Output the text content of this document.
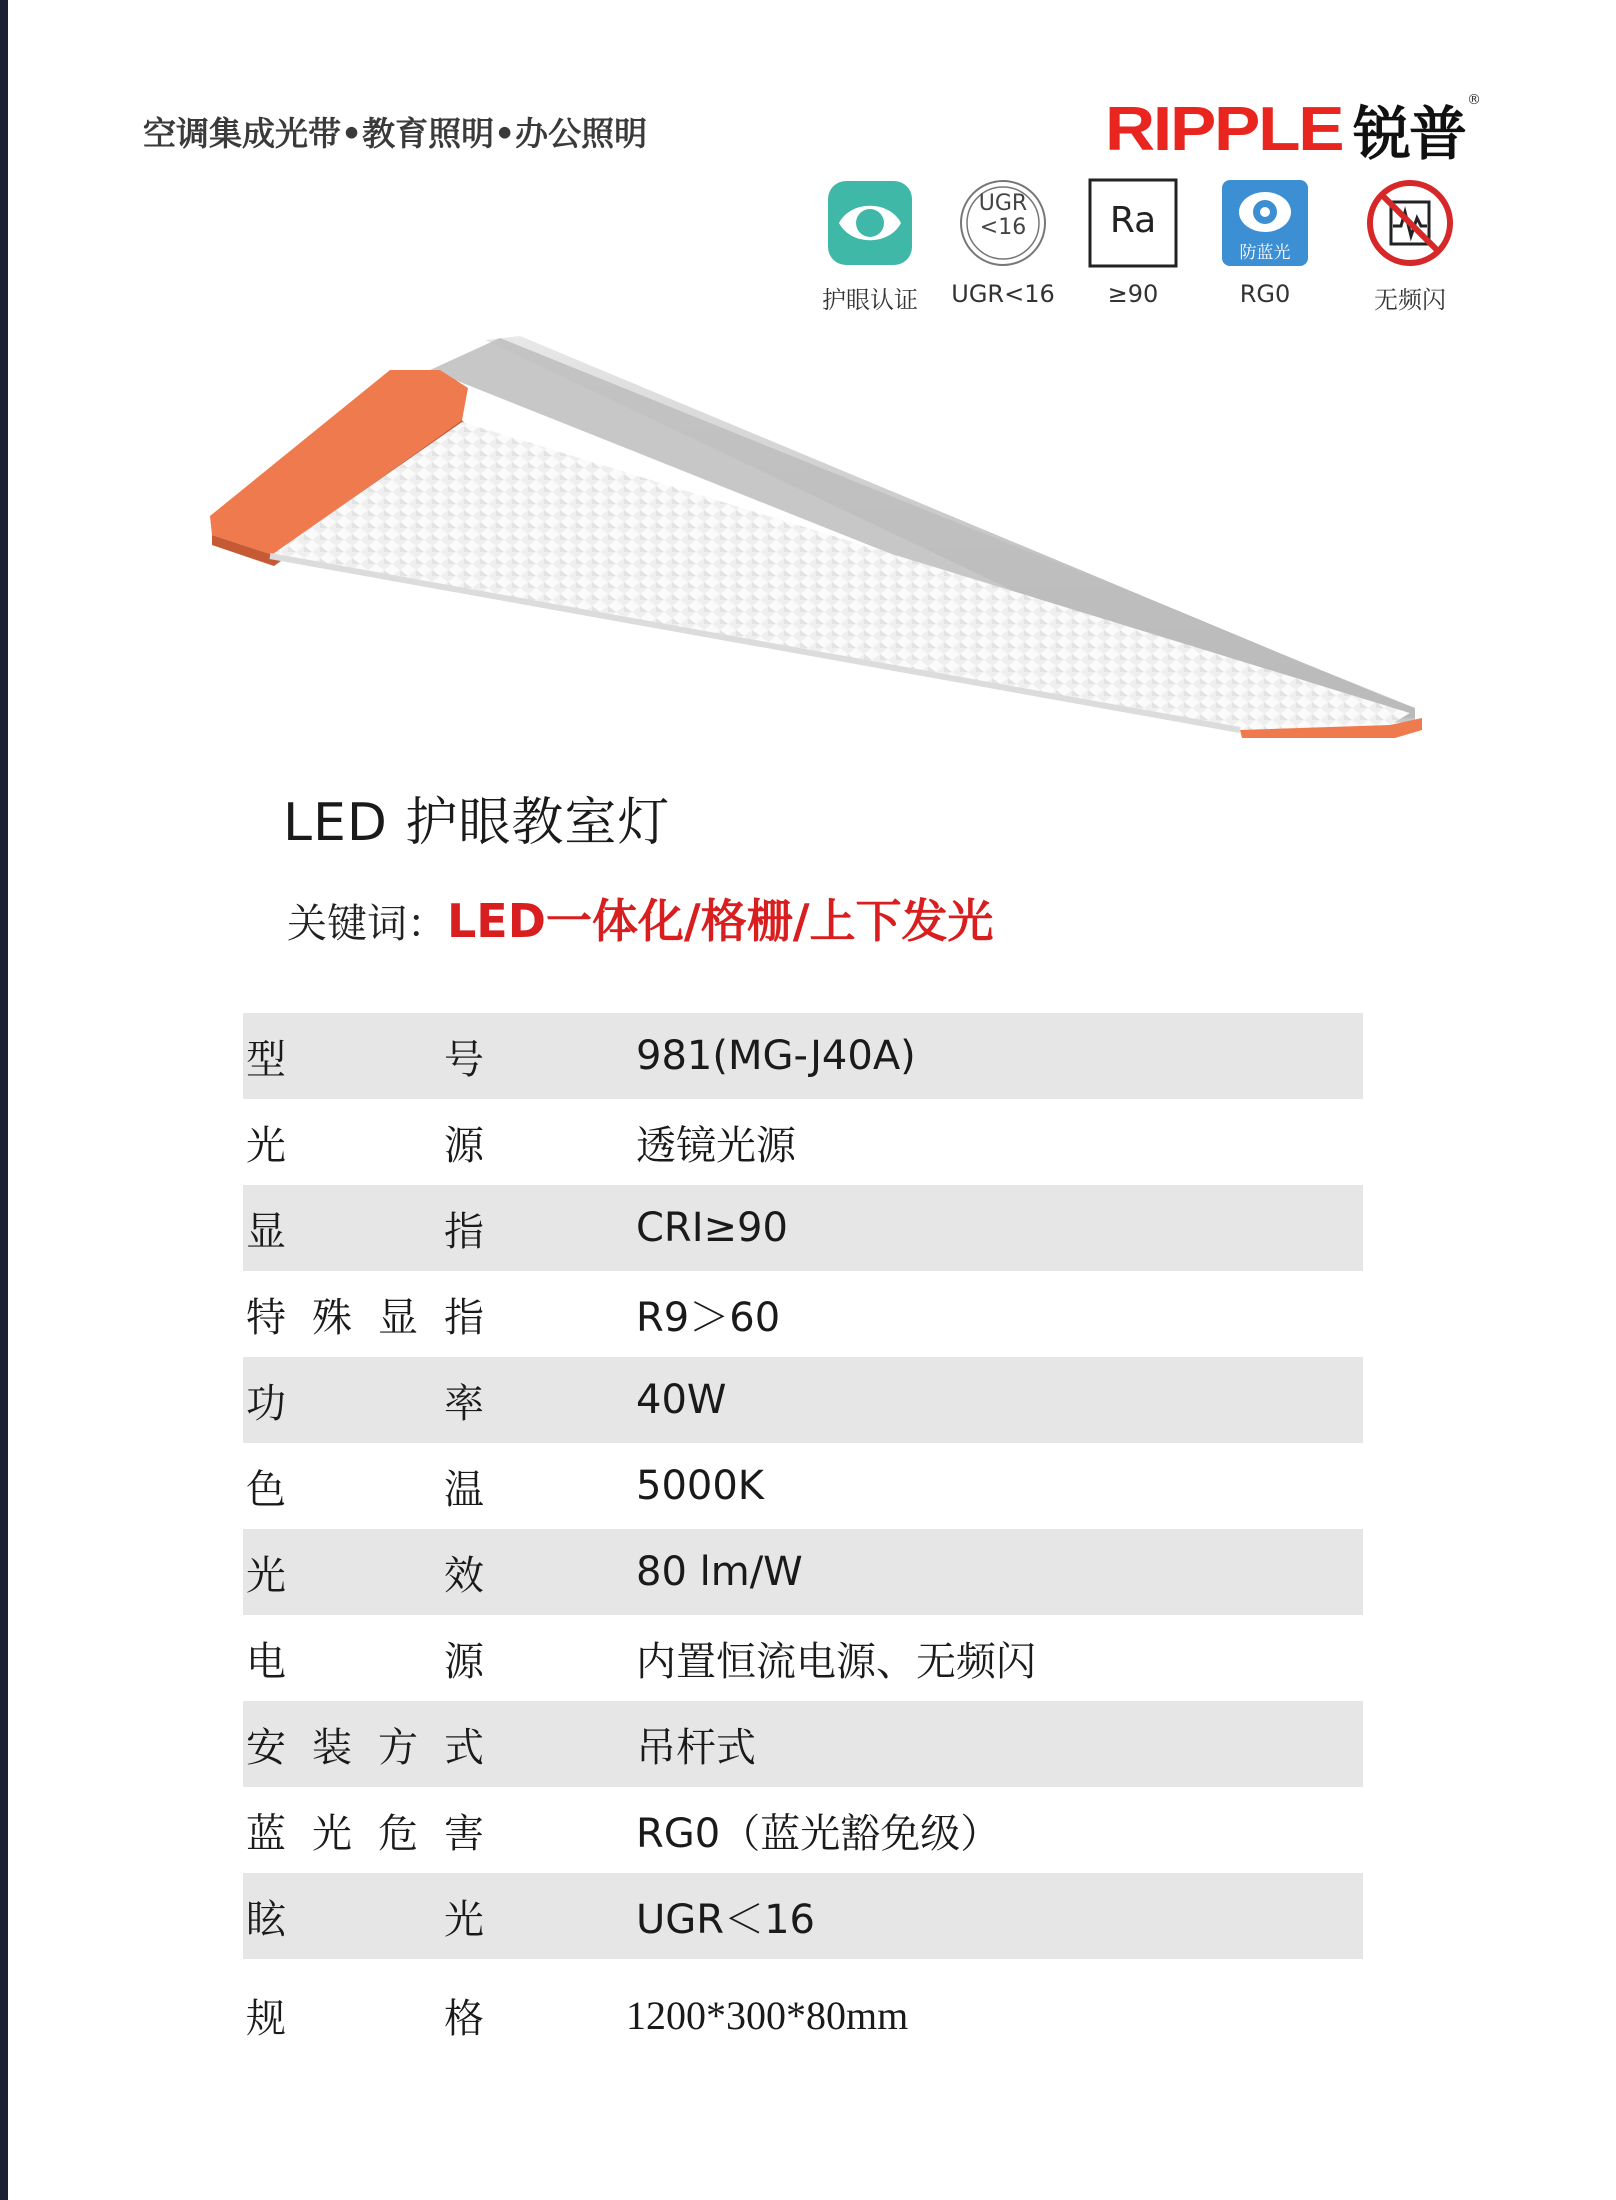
空调集成光带•教育照明•办公照明	RIPPLE 锐普 ®
护眼认证
UGR
<16
UGR<16
Ra
≥90
防蓝光
RG0	无频闪
LED 护眼教室灯
关键词：LED一体化/格栅/上下发光
型	号	981(MG-J40A)
光	源	透镜光源
显	指	CRI≥90
特 殊 显 指	R9＞60
功	率	40W
色	温	5000K
光	效	80 lm/W
电	源	内置恒流电源、无频闪
安 装 方 式	吊杆式
蓝 光 危 害	RG0（蓝光豁免级）
眩	光	UGR＜16
规	格	1200*300*80mm
